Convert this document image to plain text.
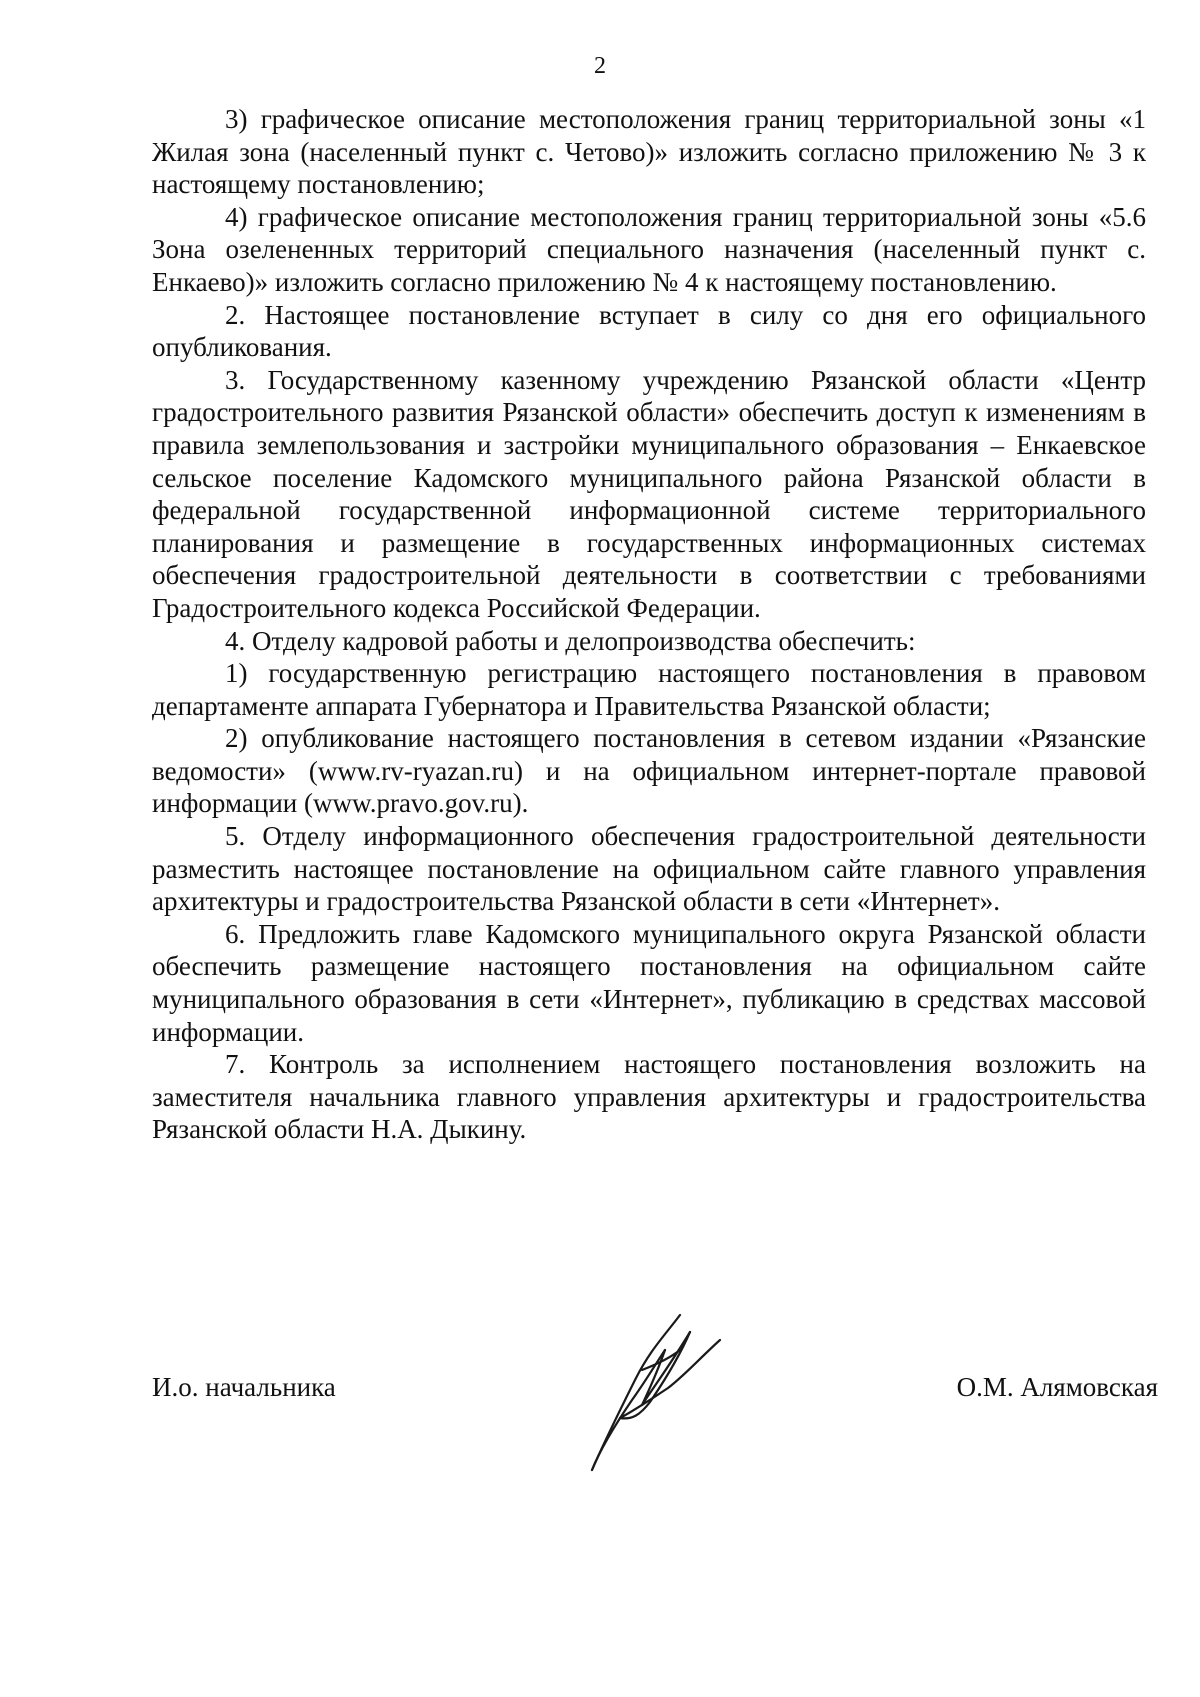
2

3) графическое описание местоположения границ территориальной зоны «1 Жилая зона (населенный пункт с. Четово)» изложить согласно приложению № 3 к настоящему постановлению;

4) графическое описание местоположения границ территориальной зоны «5.6 Зона озелененных территорий специального назначения (населенный пункт с. Енкаево)» изложить согласно приложению № 4 к настоящему постановлению.

2. Настоящее постановление вступает в силу со дня его официального опубликования.

3. Государственному казенному учреждению Рязанской области «Центр градостроительного развития Рязанской области» обеспечить доступ к изменениям в правила землепользования и застройки муниципального образования – Енкаевское сельское поселение Кадомского муниципального района Рязанской области в федеральной государственной информационной системе территориального планирования и размещение в государственных информационных системах обеспечения градостроительной деятельности в соответствии с требованиями Градостроительного кодекса Российской Федерации.

4. Отделу кадровой работы и делопроизводства обеспечить:

1) государственную регистрацию настоящего постановления в правовом департаменте аппарата Губернатора и Правительства Рязанской области;

2) опубликование настоящего постановления в сетевом издании «Рязанские ведомости» (www.rv-ryazan.ru) и на официальном интернет-портале правовой информации (www.pravo.gov.ru).

5. Отделу информационного обеспечения градостроительной деятельности разместить настоящее постановление на официальном сайте главного управления архитектуры и градостроительства Рязанской области в сети «Интернет».

6. Предложить главе Кадомского муниципального округа Рязанской области обеспечить размещение настоящего постановления на официальном сайте муниципального образования в сети «Интернет», публикацию в средствах массовой информации.

7. Контроль за исполнением настоящего постановления возложить на заместителя начальника главного управления архитектуры и градостроительства Рязанской области Н.А. Дыкину.

И.о. начальника	О.М. Алямовская
